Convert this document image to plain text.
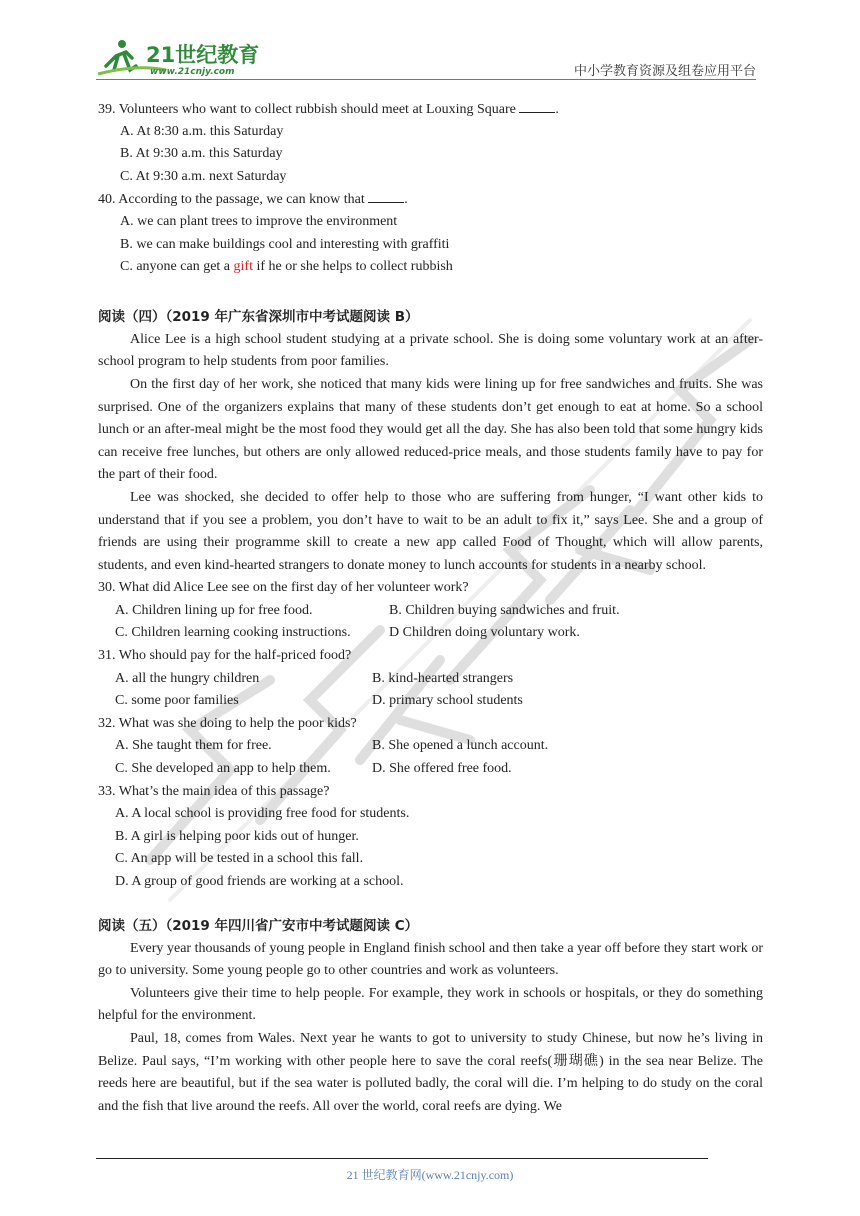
21世纪教育
www.21cnjy.com	中小学教育资源及组卷应用平台
39. Volunteers who want to collect rubbish should meet at Louxing Square	.
A. At 8:30 a.m. this Saturday
B. At 9:30 a.m. this Saturday
C. At 9:30 a.m. next Saturday
40. According to the passage, we can know that	.
A. we can plant trees to improve the environment
B. we can make buildings cool and interesting with graffiti
C. anyone can get a gift if he or she helps to collect rubbish
阅读（四）（2019 年广东省深圳市中考试题阅读 B）

Alice Lee is a high school student studying at a private school. She is doing some voluntary work at an after-school program to help students from poor families.

On the first day of her work, she noticed that many kids were lining up for free sandwiches and fruits. She was surprised. One of the organizers explains that many of these students don’t get enough to eat at home. So a school lunch or an after-meal might be the most food they would get all the day. She has also been told that some hungry kids can receive free lunches, but others are only allowed reduced-price meals, and those students family have to pay for the part of their food.

Lee was shocked, she decided to offer help to those who are suffering from hunger, “I want other kids to understand that if you see a problem, you don’t have to wait to be an adult to fix it,” says Lee. She and a group of friends are using their programme skill to create a new app called Food of Thought, which will allow parents, students, and even kind-hearted strangers to donate money to lunch accounts for students in a nearby school.

30. What did Alice Lee see on the first day of her volunteer work?
A. Children lining up for free food.	B. Children buying sandwiches and fruit.
C. Children learning cooking instructions.	D Children doing voluntary work.
31. Who should pay for the half-priced food?
A. all the hungry children	B. kind-hearted strangers
C. some poor families	D. primary school students
32. What was she doing to help the poor kids?
A. She taught them for free.	B. She opened a lunch account.
C. She developed an app to help them.	D. She offered free food.
33. What’s the main idea of this passage?
A. A local school is providing free food for students.
B. A girl is helping poor kids out of hunger.
C. An app will be tested in a school this fall.
D. A group of good friends are working at a school.
阅读（五）（2019 年四川省广安市中考试题阅读 C）

Every year thousands of young people in England finish school and then take a year off before they start work or go to university. Some young people go to other countries and work as volunteers.

Volunteers give their time to help people. For example, they work in schools or hospitals, or they do something helpful for the environment.

Paul, 18, comes from Wales. Next year he wants to got to university to study Chinese, but now he’s living in Belize. Paul says, “I’m working with other people here to save the coral reefs(珊瑚礁) in the sea near Belize. The reeds here are beautiful, but if the sea water is polluted badly, the coral will die. I’m helping to do study on the coral and the fish that live around the reefs. All over the world, coral reefs are dying. We

21 世纪教育网(www.21cnjy.com)
